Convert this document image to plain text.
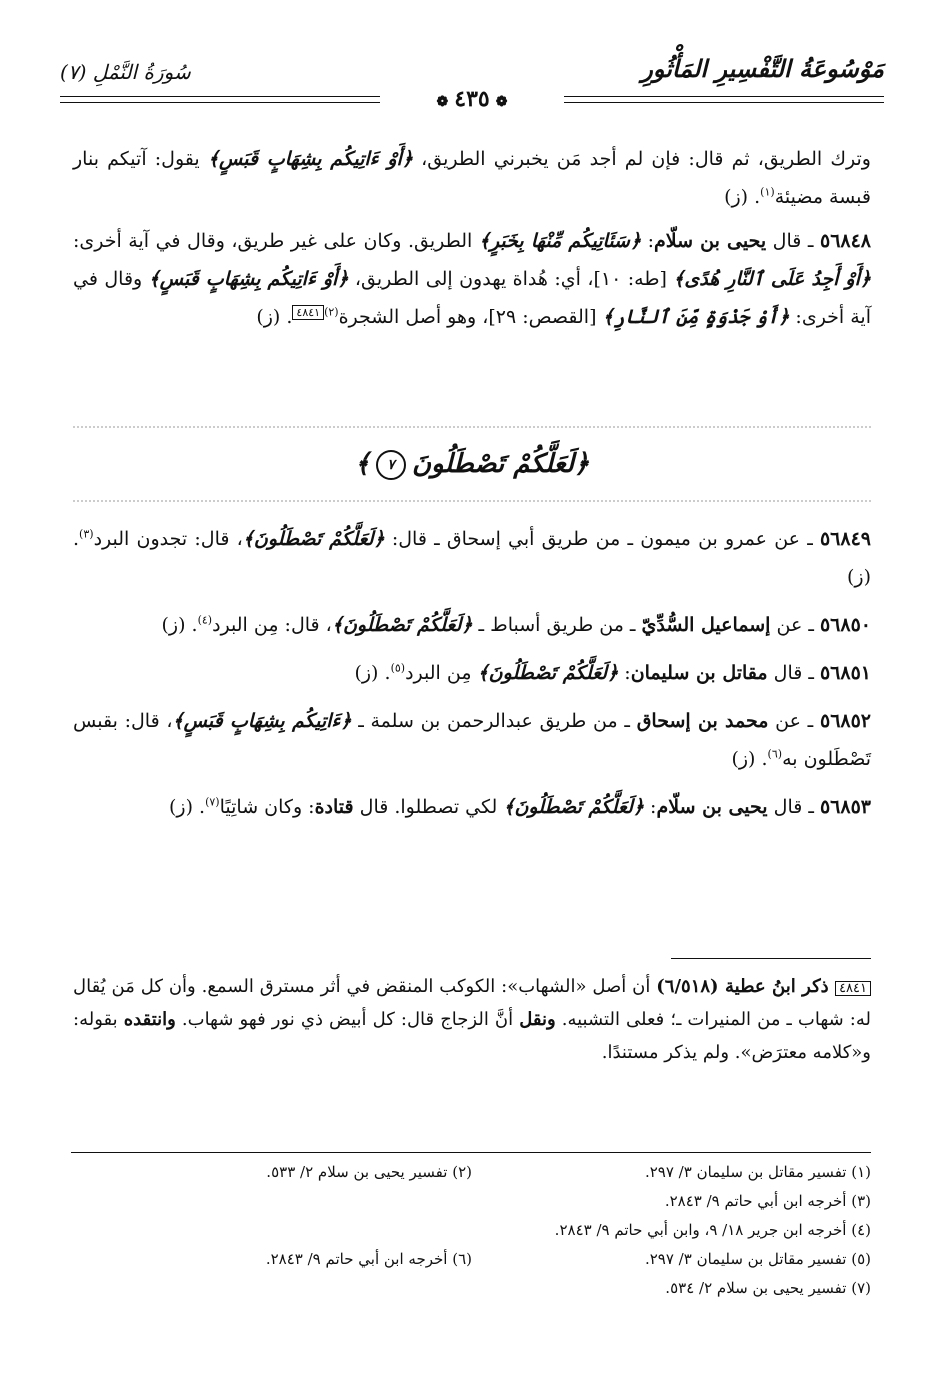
مَوْسُوعَةُ التَّفْسِيرِ المَأْثُورِ
سُورَةُ النَّمْلِ (٧)
❁٤٣٥❁

وترك الطريق، ثم قال: فإن لم أجد مَن يخبرني الطريق، ﴿أَوْ ءَاتِيكُم بِشِهَابٍ قَبَسٍ﴾ يقول: آتيكم بنار قبسة مضيئة$^{(١)}$. (ز)

٥٦٨٤٨ ـ قال يحيى بن سلّام: ﴿سَئَاتِيكُم مِّنْهَا بِخَبَرٍ﴾ الطريق. وكان على غير طريق، وقال في آية أخرى: ﴿أَوْ أَجِدُ عَلَى ٱلنَّارِ هُدًى﴾ [طه: ١٠]، أي: هُداة يهدون إلى الطريق، ﴿أَوْ ءَاتِيكُم بِشِهَابٍ قَبَسٍ﴾ وقال في آية أخرى: ﴿أَوْ جَذْوَةٍ مِّنَ ٱلنَّارِ﴾ [القصص: ٢٩]، وهو أصل الشجرة$^{(٢)}$٤٨٤١. (ز)

﴿لَعَلَّكُمْ تَصْطَلُونَ٧﴾

٥٦٨٤٩ ـ عن عمرو بن ميمون ـ من طريق أبي إسحاق ـ قال: ﴿لَعَلَّكُمْ تَصْطَلُونَ﴾، قال: تجدون البرد$^{(٣)}$. (ز)

٥٦٨٥٠ ـ عن إسماعيل السُّدِّيّ ـ من طريق أسباط ـ ﴿لَعَلَّكُمْ تَصْطَلُونَ﴾، قال: مِن البرد$^{(٤)}$. (ز)

٥٦٨٥١ ـ قال مقاتل بن سليمان: ﴿لَعَلَّكُمْ تَصْطَلُونَ﴾ مِن البرد$^{(٥)}$. (ز)

٥٦٨٥٢ ـ عن محمد بن إسحاق ـ من طريق عبدالرحمن بن سلمة ـ ﴿ءَاتِيكُم بِشِهَابٍ قَبَسٍ﴾، قال: بقبس تَصْطَلون به$^{(٦)}$. (ز)

٥٦٨٥٣ ـ قال يحيى بن سلّام: ﴿لَعَلَّكُمْ تَصْطَلُونَ﴾ لكي تصطلوا. قال قتادة: وكان شاتِيًا$^{(٧)}$. (ز)

٤٨٤١ ذكر ابنُ عطية (٦/٥١٨) أن أصل «الشهاب»: الكوكب المنقض في أثر مسترق السمع. وأن كل مَن يُقال له: شهاب ـ من المنيرات ـ؛ فعلى التشبيه. ونقل أنَّ الزجاج قال: كل أبيض ذي نور فهو شهاب. وانتقده بقوله: و«كلامه معترَض». ولم يذكر مستندًا.
(١) تفسير مقاتل بن سليمان ٣/ ٢٩٧.
(٢) تفسير يحيى بن سلام ٢/ ٥٣٣.
(٣) أخرجه ابن أبي حاتم ٩/ ٢٨٤٣.
(٤) أخرجه ابن جرير ١٨/ ٩، وابن أبي حاتم ٩/ ٢٨٤٣.
(٥) تفسير مقاتل بن سليمان ٣/ ٢٩٧.
(٦) أخرجه ابن أبي حاتم ٩/ ٢٨٤٣.
(٧) تفسير يحيى بن سلام ٢/ ٥٣٤.
